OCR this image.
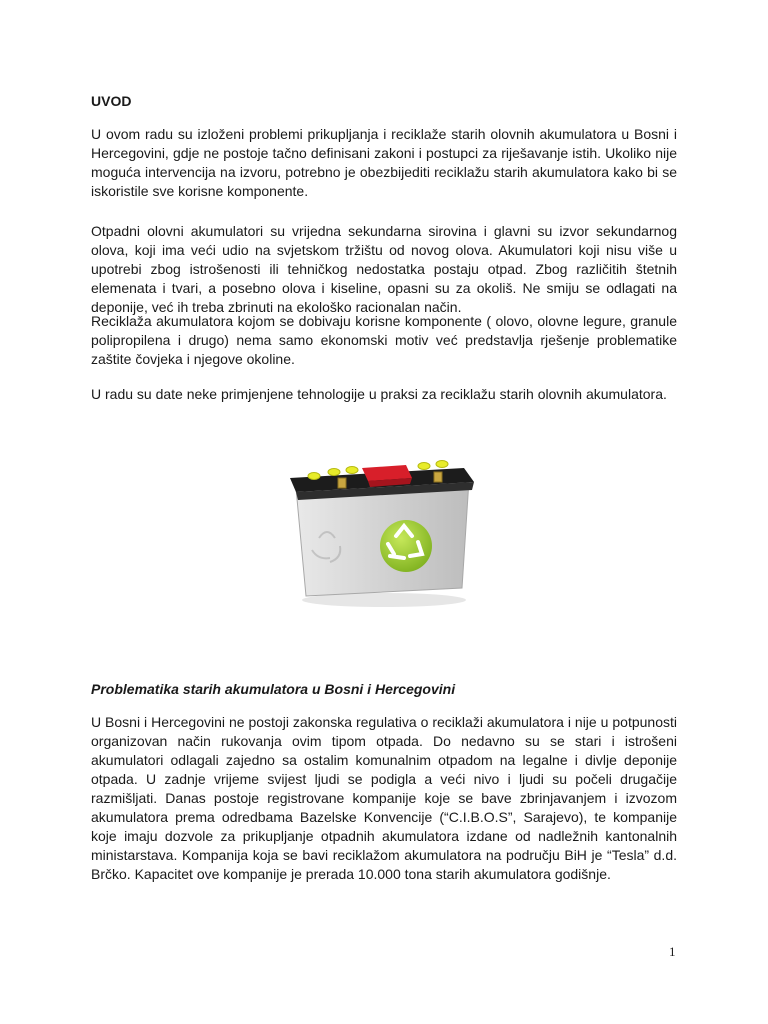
UVOD

U ovom radu su izloženi problemi prikupljanja i reciklaže starih olovnih akumulatora u Bosni i Hercegovini, gdje ne postoje tačno definisani zakoni i postupci za riješavanje istih. Ukoliko nije moguća intervencija na izvoru, potrebno je obezbijediti reciklažu starih akumulatora kako bi se iskoristile sve korisne komponente.

Otpadni olovni akumulatori su vrijedna sekundarna sirovina i glavni su izvor sekundarnog olova, koji ima veći udio na svjetskom tržištu od novog olova. Akumulatori koji nisu više u upotrebi zbog istrošenosti ili tehničkog nedostatka postaju otpad. Zbog različitih štetnih elemenata i tvari, a posebno olova i kiseline, opasni su za okoliš. Ne smiju se odlagati na deponije, već ih treba zbrinuti na ekološko racionalan način.

Reciklaža akumulatora kojom se dobivaju korisne komponente ( olovo, olovne legure, granule polipropilena i drugo) nema samo ekonomski motiv već predstavlja rješenje problematike zaštite čovjeka i njegove okoline.

U radu su date neke primjenjene tehnologije u praksi za reciklažu starih olovnih akumulatora.

Problematika starih akumulatora u Bosni i Hercegovini

U Bosni i Hercegovini ne postoji zakonska regulativa o reciklaži akumulatora i nije u potpunosti organizovan način rukovanja ovim tipom otpada. Do nedavno su se stari i istrošeni akumulatori odlagali zajedno sa ostalim komunalnim otpadom na legalne i divlje deponije otpada. U zadnje vrijeme svijest ljudi se podigla a veći nivo i ljudi su počeli drugačije razmišljati. Danas postoje registrovane kompanije koje se bave zbrinjavanjem i izvozom akumulatora prema odredbama Bazelske Konvencije (“C.I.B.O.S”, Sarajevo), te kompanije koje imaju dozvole za prikupljanje otpadnih akumulatora izdane od nadležnih kantonalnih ministarstava. Kompanija koja se bavi reciklažom akumulatora na području BiH je “Tesla” d.d. Brčko. Kapacitet ove kompanije je prerada 10.000 tona starih akumulatora godišnje.

1
